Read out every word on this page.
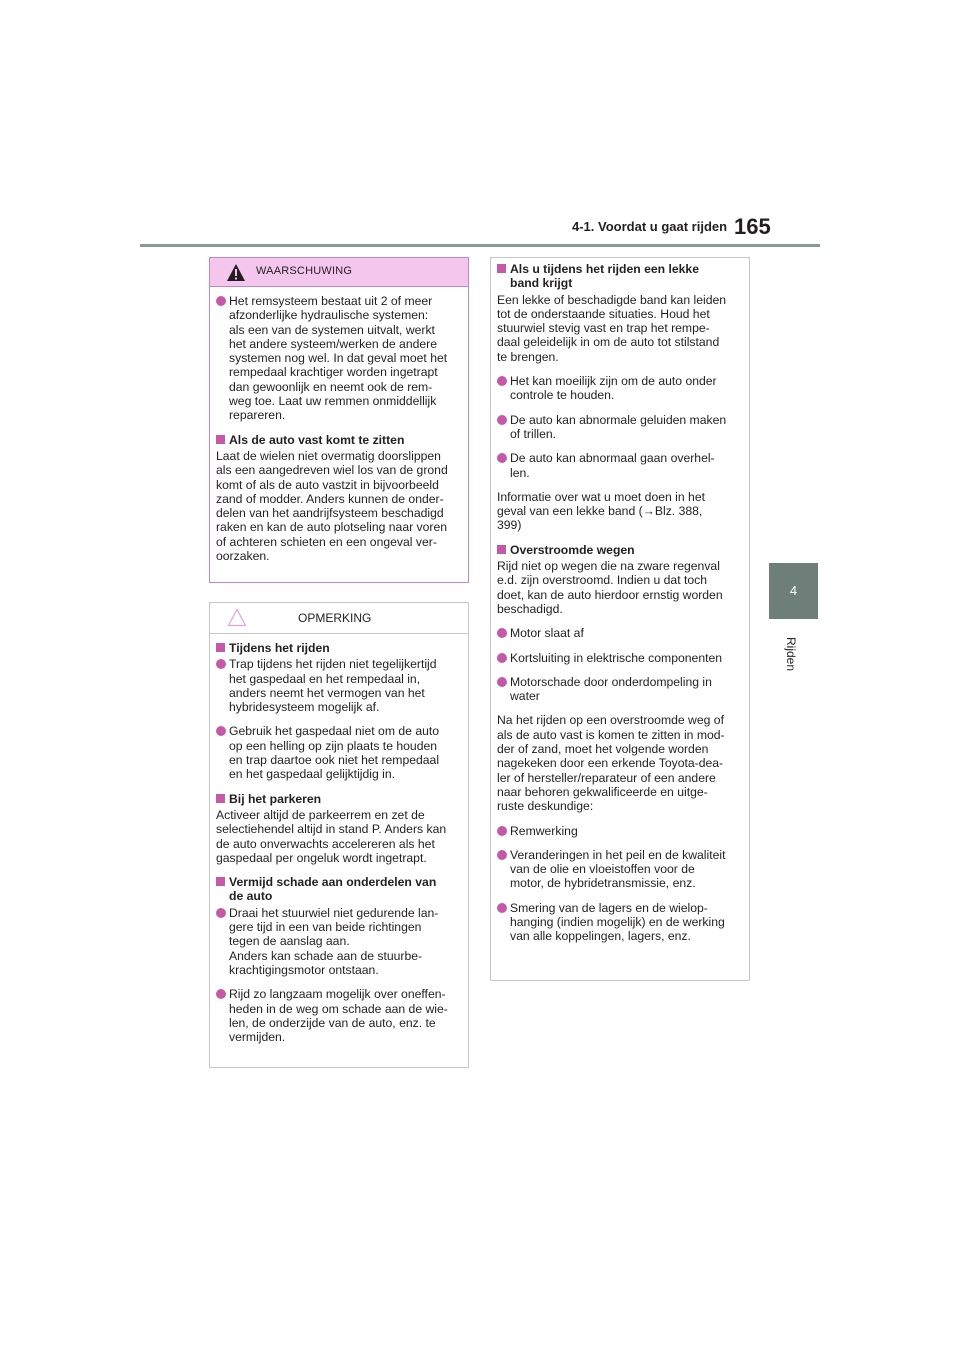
4-1. Voordat u gaat rijden 165
4
Rijden
WAARSCHUWING
Het remsysteem bestaat uit 2 of meer
afzonderlijke hydraulische systemen:
als een van de systemen uitvalt, werkt
het andere systeem/werken de andere
systemen nog wel. In dat geval moet het
rempedaal krachtiger worden ingetrapt
dan gewoonlijk en neemt ook de rem-
weg toe. Laat uw remmen onmiddellijk
repareren.
Als de auto vast komt te zitten
Laat de wielen niet overmatig doorslippen
als een aangedreven wiel los van de grond
komt of als de auto vastzit in bijvoorbeeld
zand of modder. Anders kunnen de onder-
delen van het aandrijfsysteem beschadigd
raken en kan de auto plotseling naar voren
of achteren schieten en een ongeval ver-
oorzaken.
OPMERKING
Tijdens het rijden
Trap tijdens het rijden niet tegelijkertijd
het gaspedaal en het rempedaal in,
anders neemt het vermogen van het
hybridesysteem mogelijk af.
Gebruik het gaspedaal niet om de auto
op een helling op zijn plaats te houden
en trap daartoe ook niet het rempedaal
en het gaspedaal gelijktijdig in.
Bij het parkeren
Activeer altijd de parkeerrem en zet de
selectiehendel altijd in stand P. Anders kan
de auto onverwachts accelereren als het
gaspedaal per ongeluk wordt ingetrapt.
Vermijd schade aan onderdelen van
de auto
Draai het stuurwiel niet gedurende lan-
gere tijd in een van beide richtingen
tegen de aanslag aan.
Anders kan schade aan de stuurbe-
krachtigingsmotor ontstaan.
Rijd zo langzaam mogelijk over oneffen-
heden in de weg om schade aan de wie-
len, de onderzijde van de auto, enz. te
vermijden.
Als u tijdens het rijden een lekke
band krijgt
Een lekke of beschadigde band kan leiden
tot de onderstaande situaties. Houd het
stuurwiel stevig vast en trap het rempe-
daal geleidelijk in om de auto tot stilstand
te brengen.
Het kan moeilijk zijn om de auto onder
controle te houden.
De auto kan abnormale geluiden maken
of trillen.
De auto kan abnormaal gaan overhel-
len.
Informatie over wat u moet doen in het
geval van een lekke band (→Blz. 388,
399)
Overstroomde wegen
Rijd niet op wegen die na zware regenval
e.d. zijn overstroomd. Indien u dat toch
doet, kan de auto hierdoor ernstig worden
beschadigd.
Motor slaat af
Kortsluiting in elektrische componenten
Motorschade door onderdompeling in
water
Na het rijden op een overstroomde weg of
als de auto vast is komen te zitten in mod-
der of zand, moet het volgende worden
nagekeken door een erkende Toyota-dea-
ler of hersteller/reparateur of een andere
naar behoren gekwalificeerde en uitge-
ruste deskundige:
Remwerking
Veranderingen in het peil en de kwaliteit
van de olie en vloeistoffen voor de
motor, de hybridetransmissie, enz.
Smering van de lagers en de wielop-
hanging (indien mogelijk) en de werking
van alle koppelingen, lagers, enz.
